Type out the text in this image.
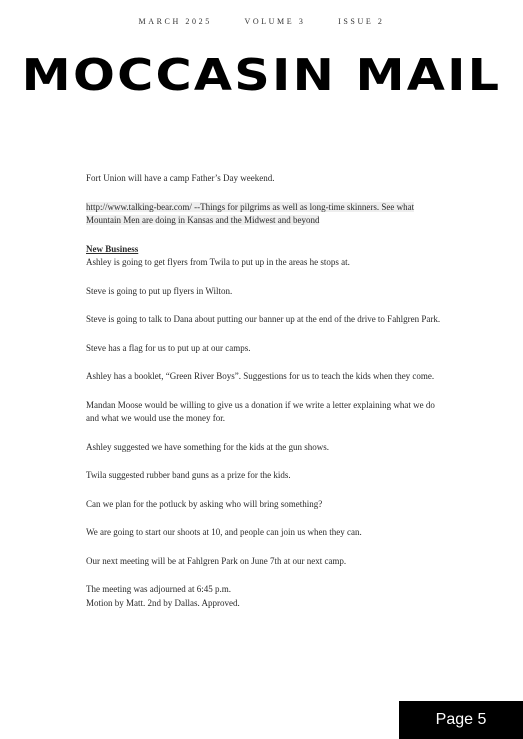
MARCH 2025	VOLUME 3	ISSUE 2
MOCCASIN MAIL

Fort Union will have a camp Father’s Day weekend.

http://www.talking-bear.com/ --Things for pilgrims as well as long-time skinners. See what Mountain Men are doing in Kansas and the Midwest and beyond

New Business

Ashley is going to get flyers from Twila to put up in the areas he stops at.

Steve is going to put up flyers in Wilton.

Steve is going to talk to Dana about putting our banner up at the end of the drive to Fahlgren Park.

Steve has a flag for us to put up at our camps.

Ashley has a booklet, “Green River Boys”. Suggestions for us to teach the kids when they come.

Mandan Moose would be willing to give us a donation if we write a letter explaining what we do and what we would use the money for.

Ashley suggested we have something for the kids at the gun shows.

Twila suggested rubber band guns as a prize for the kids.

Can we plan for the potluck by asking who will bring something?

We are going to start our shoots at 10, and people can join us when they can.

Our next meeting will be at Fahlgren Park on June 7th at our next camp.

The meeting was adjourned at 6:45 p.m.

Motion by Matt. 2nd by Dallas. Approved.

Page 5
